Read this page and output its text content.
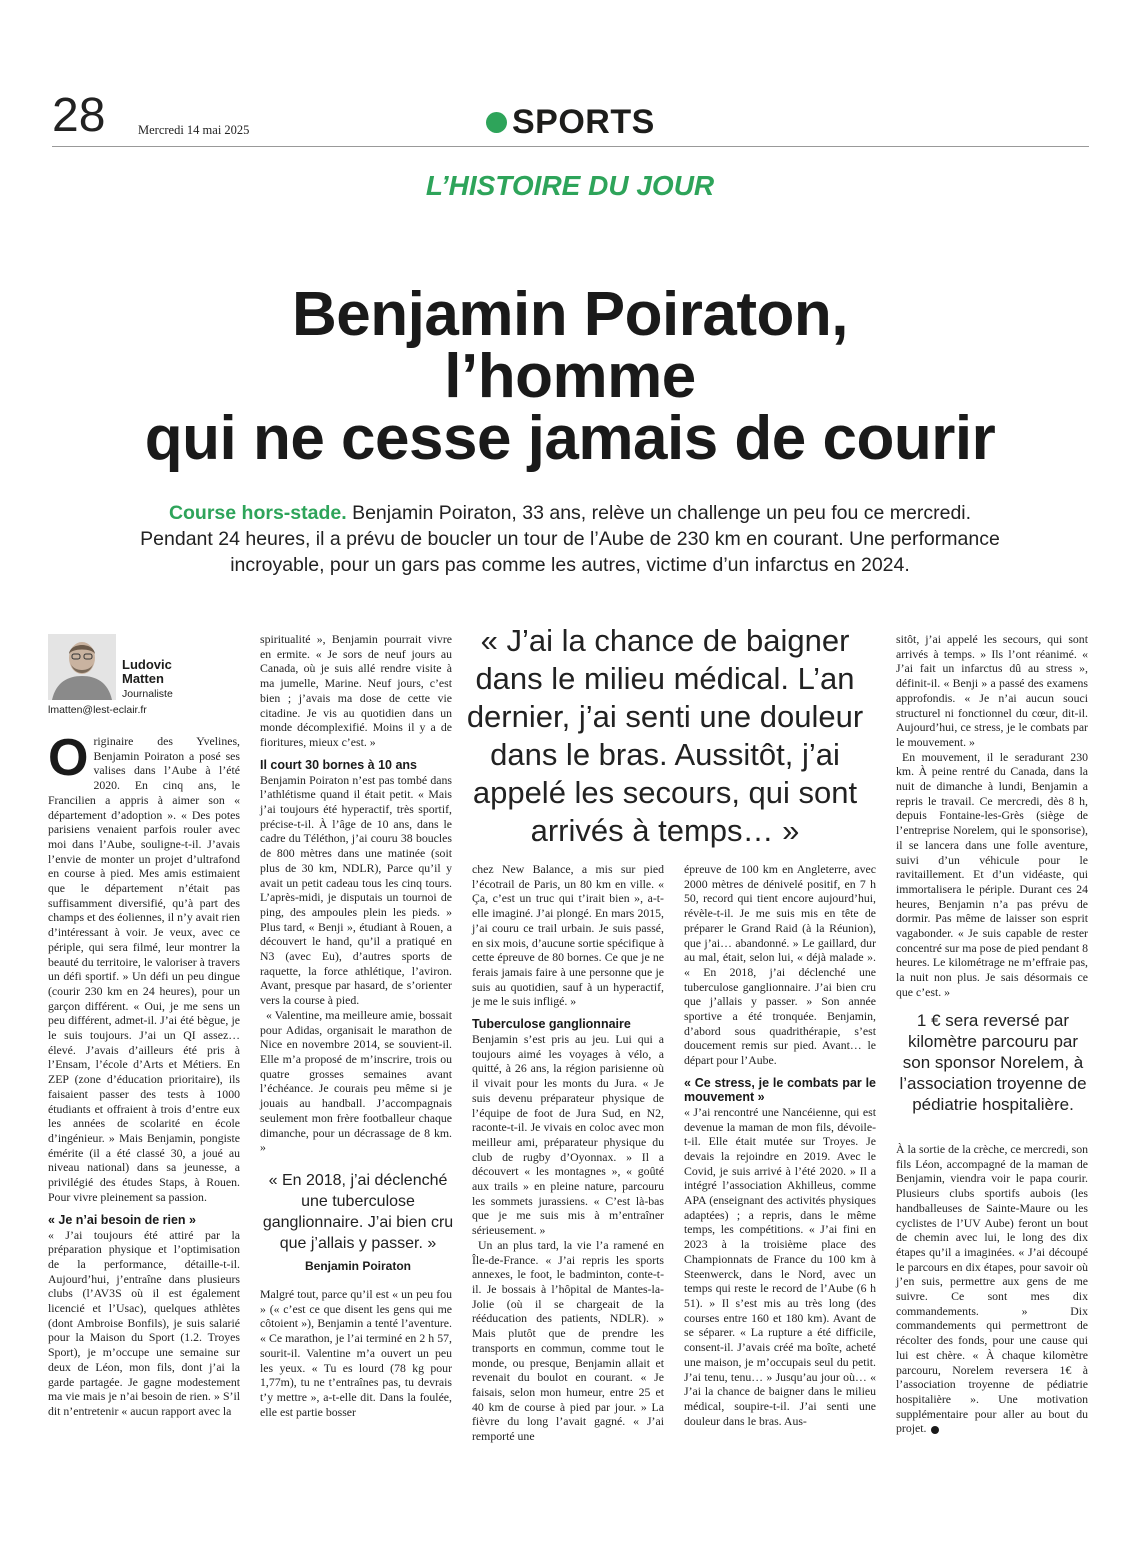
28	Mercredi 14 mai 2025	SPORTS
L’HISTOIRE DU JOUR
Benjamin Poiraton,
l’homme
qui ne cesse jamais de courir
Course hors-stade. Benjamin Poiraton, 33 ans, relève un challenge un peu fou ce mercredi. Pendant 24 heures, il a prévu de boucler un tour de l’Aube de 230 km en courant. Une performance incroyable, pour un gars pas comme les autres, victime d’un infarctus en 2024.
Ludovic
Matten
Journaliste
lmatten@lest-eclair.fr

Originaire des Yvelines, Benjamin Poiraton a posé ses valises dans l’Aube à l’été 2020. En cinq ans, le Francilien a appris à aimer son « département d’adoption ». « Des potes parisiens venaient parfois rouler avec moi dans l’Aube, souligne-t-il. J’avais l’envie de monter un projet d’ultrafond en course à pied. Mes amis estimaient que le département n’était pas suffisamment diversifié, qu’à part des champs et des éoliennes, il n’y avait rien d’intéressant à voir. Je veux, avec ce périple, qui sera filmé, leur montrer la beauté du territoire, le valoriser à travers un défi sportif. » Un défi un peu dingue (courir 230 km en 24 heures), pour un garçon différent. « Oui, je me sens un peu différent, admet-il. J’ai été bègue, je le suis toujours. J’ai un QI assez… élevé. J’avais d’ailleurs été pris à l’Ensam, l’école d’Arts et Métiers. En ZEP (zone d’éducation prioritaire), ils faisaient passer des tests à 1000 étudiants et offraient à trois d’entre eux les années de scolarité en école d’ingénieur. » Mais Benjamin, pongiste émérite (il a été classé 30, a joué au niveau national) dans sa jeunesse, a privilégié des études Staps, à Rouen. Pour vivre pleinement sa passion.

« Je n’ai besoin de rien »

« J’ai toujours été attiré par la préparation physique et l’optimisation de la performance, détaille-t-il. Aujourd’hui, j’entraîne dans plusieurs clubs (l’AV3S où il est également licencié et l’Usac), quelques athlètes (dont Ambroise Bonfils), je suis salarié pour la Maison du Sport (1.2. Troyes Sport), je m’occupe une semaine sur deux de Léon, mon fils, dont j’ai la garde partagée. Je gagne modestement ma vie mais je n’ai besoin de rien. » S’il dit n’entretenir « aucun rapport avec la

spiritualité », Benjamin pourrait vivre en ermite. « Je sors de neuf jours au Canada, où je suis allé rendre visite à ma jumelle, Marine. Neuf jours, c’est bien ; j’avais ma dose de cette vie citadine. Je vis au quotidien dans un monde décomplexifié. Moins il y a de fioritures, mieux c’est. »

Il court 30 bornes à 10 ans

Benjamin Poiraton n’est pas tombé dans l’athlétisme quand il était petit. « Mais j’ai toujours été hyperactif, très sportif, précise-t-il. À l’âge de 10 ans, dans le cadre du Téléthon, j’ai couru 38 boucles de 800 mètres dans une matinée (soit plus de 30 km, NDLR), Parce qu’il y avait un petit cadeau tous les cinq tours. L’après-midi, je disputais un tournoi de ping, des ampoules plein les pieds. » Plus tard, « Benji », étudiant à Rouen, a découvert le hand, qu’il a pratiqué en N3 (avec Eu), d’autres sports de raquette, la force athlétique, l’aviron. Avant, presque par hasard, de s’orienter vers la course à pied.

« Valentine, ma meilleure amie, bossait pour Adidas, organisait le marathon de Nice en novembre 2014, se souvient-il. Elle m’a proposé de m’inscrire, trois ou quatre grosses semaines avant l’échéance. Je courais peu même si je jouais au handball. J’accompagnais seulement mon frère footballeur chaque dimanche, pour un décrassage de 8 km. »

« En 2018, j’ai déclenché une tuberculose ganglionnaire. J’ai bien cru que j’allais y passer. »
Benjamin Poiraton

Malgré tout, parce qu’il est « un peu fou » (« c’est ce que disent les gens qui me côtoient »), Benjamin a tenté l’aventure. « Ce marathon, je l’ai terminé en 2 h 57, sourit-il. Valentine m’a ouvert un peu les yeux. « Tu es lourd (78 kg pour 1,77m), tu ne t’entraînes pas, tu devrais t’y mettre », a-t-elle dit. Dans la foulée, elle est partie bosser

« J’ai la chance de baigner dans le milieu médical. L’an dernier, j’ai senti une douleur dans le bras. Aussitôt, j’ai appelé les secours, qui sont arrivés à temps… »

chez New Balance, a mis sur pied l’écotrail de Paris, un 80 km en ville. « Ça, c’est un truc qui t’irait bien », a-t-elle imaginé. J’ai plongé. En mars 2015, j’ai couru ce trail urbain. Je suis passé, en six mois, d’aucune sortie spécifique à cette épreuve de 80 bornes. Ce que je ne ferais jamais faire à une personne que je suis au quotidien, sauf à un hyperactif, je me le suis infligé. »

Tuberculose ganglionnaire

Benjamin s’est pris au jeu. Lui qui a toujours aimé les voyages à vélo, a quitté, à 26 ans, la région parisienne où il vivait pour les monts du Jura. « Je suis devenu préparateur physique de l’équipe de foot de Jura Sud, en N2, raconte-t-il. Je vivais en coloc avec mon meilleur ami, préparateur physique du club de rugby d’Oyonnax. » Il a découvert « les montagnes », « goûté aux trails » en pleine nature, parcouru les sommets jurassiens. « C’est là-bas que je me suis mis à m’entraîner sérieusement. »

Un an plus tard, la vie l’a ramené en Île-de-France. « J’ai repris les sports annexes, le foot, le badminton, conte-t-il. Je bossais à l’hôpital de Mantes-la-Jolie (où il se chargeait de la rééducation des patients, NDLR). » Mais plutôt que de prendre les transports en commun, comme tout le monde, ou presque, Benjamin allait et revenait du boulot en courant. « Je faisais, selon mon humeur, entre 25 et 40 km de course à pied par jour. » La fièvre du long l’avait gagné. « J’ai remporté une

épreuve de 100 km en Angleterre, avec 2000 mètres de dénivelé positif, en 7 h 50, record qui tient encore aujourd’hui, révèle-t-il. Je me suis mis en tête de préparer le Grand Raid (à la Réunion), que j’ai… abandonné. » Le gaillard, dur au mal, était, selon lui, « déjà malade ». « En 2018, j’ai déclenché une tuberculose ganglionnaire. J’ai bien cru que j’allais y passer. » Son année sportive a été tronquée. Benjamin, d’abord sous quadrithérapie, s’est doucement remis sur pied. Avant… le départ pour l’Aube.

« Ce stress, je le combats par le mouvement »

« J’ai rencontré une Nancéienne, qui est devenue la maman de mon fils, dévoile-t-il. Elle était mutée sur Troyes. Je devais la rejoindre en 2019. Avec le Covid, je suis arrivé à l’été 2020. » Il a intégré l’association Akhilleus, comme APA (enseignant des activités physiques adaptées) ; a repris, dans le même temps, les compétitions. « J’ai fini en 2023 à la troisième place des Championnats de France du 100 km à Steenwerck, dans le Nord, avec un temps qui reste le record de l’Aube (6 h 51). » Il s’est mis au très long (des courses entre 160 et 180 km). Avant de se séparer. « La rupture a été difficile, consent-il. J’avais créé ma boîte, acheté une maison, je m’occupais seul du petit. J’ai tenu, tenu… » Jusqu’au jour où… « J’ai la chance de baigner dans le milieu médical, soupire-t-il. J’ai senti une douleur dans le bras. Aus-

sitôt, j’ai appelé les secours, qui sont arrivés à temps. » Ils l’ont réanimé. « J’ai fait un infarctus dû au stress », définit-il. « Benji » a passé des examens approfondis. « Je n’ai aucun souci structurel ni fonctionnel du cœur, dit-il. Aujourd’hui, ce stress, je le combats par le mouvement. »

En mouvement, il le seradurant 230 km. À peine rentré du Canada, dans la nuit de dimanche à lundi, Benjamin a repris le travail. Ce mercredi, dès 8 h, depuis Fontaine-les-Grès (siège de l’entreprise Norelem, qui le sponsorise), il se lancera dans une folle aventure, suivi d’un véhicule pour le ravitaillement. Et d’un vidéaste, qui immortalisera le périple. Durant ces 24 heures, Benjamin n’a pas prévu de dormir. Pas même de laisser son esprit vagabonder. « Je suis capable de rester concentré sur ma pose de pied pendant 8 heures. Le kilométrage ne m’effraie pas, la nuit non plus. Je sais désormais ce que c’est. »

1 € sera reversé par kilomètre parcouru par son sponsor Norelem, à l’association troyenne de pédiatrie hospitalière.

À la sortie de la crèche, ce mercredi, son fils Léon, accompagné de la maman de Benjamin, viendra voir le papa courir. Plusieurs clubs sportifs aubois (les handballeuses de Sainte-Maure ou les cyclistes de l’UV Aube) feront un bout de chemin avec lui, le long des dix étapes qu’il a imaginées. « J’ai découpé le parcours en dix étapes, pour savoir où j’en suis, permettre aux gens de me suivre. Ce sont mes dix commandements. » Dix commandements qui permettront de récolter des fonds, pour une cause qui lui est chère. « À chaque kilomètre parcouru, Norelem reversera 1€ à l’association troyenne de pédiatrie hospitalière ». Une motivation supplémentaire pour aller au bout du projet.
